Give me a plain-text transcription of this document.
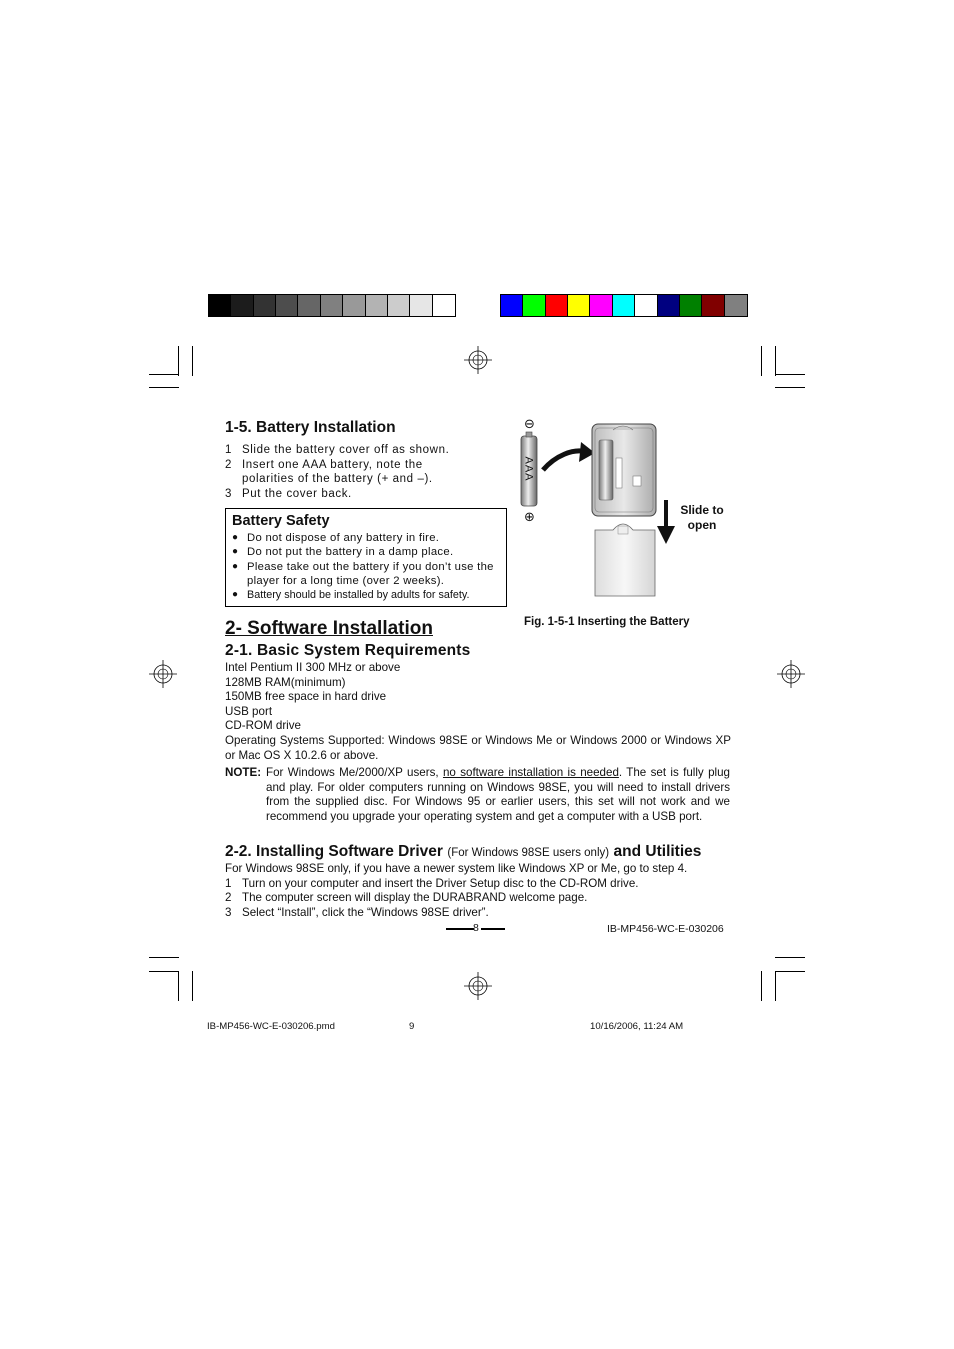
1-5. Battery Installation
1 Slide the battery cover off as shown.
2 Insert one AAA battery, note the polarities of the battery (+ and –).
3 Put the cover back.
Battery Safety
● Do not dispose of any battery in fire.
● Do not put the battery in a damp place.
● Please take out the battery if you don’t use the player for a long time (over 2 weeks).
● Battery should be installed by adults for safety.
⊖
⊕
AAA
Slide to open
Fig. 1-5-1 Inserting the Battery
2- Software Installation
2-1. Basic System Requirements
Intel Pentium II 300 MHz or above
128MB RAM(minimum)
150MB free space in hard drive
USB port
CD-ROM drive
Operating Systems Supported: Windows 98SE or Windows Me or Windows 2000 or Windows XP or Mac OS X 10.2.6 or above.
NOTE: For Windows Me/2000/XP users, no software installation is needed. The set is fully plug and play. For older computers running on Windows 98SE, you will need to install drivers from the supplied disc. For Windows 95 or earlier users, this set will not work and we recommend you upgrade your operating system and get a computer with a USB port.
2-2. Installing Software Driver (For Windows 98SE users only) and Utilities
For Windows 98SE only, if you have a newer system like Windows XP or Me, go to step 4.
1 Turn on your computer and insert the Driver Setup disc to the CD-ROM drive.
2 The computer screen will display the DURABRAND welcome page.
3 Select “Install”, click the “Windows 98SE driver”.
8	IB-MP456-WC-E-030206
IB-MP456-WC-E-030206.pmd	9	10/16/2006, 11:24 AM
